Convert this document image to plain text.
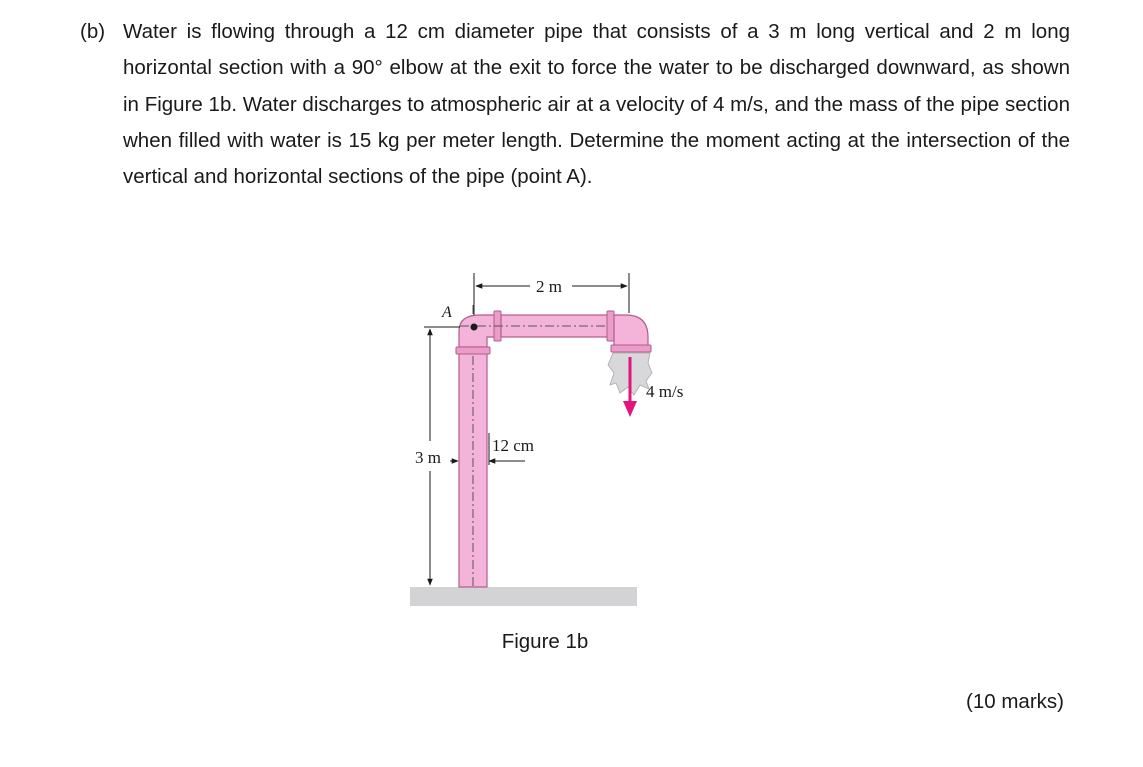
(b) Water is flowing through a 12 cm diameter pipe that consists of a 3 m long vertical and 2 m long horizontal section with a 90° elbow at the exit to force the water to be discharged downward, as shown in Figure 1b. Water discharges to atmospheric air at a velocity of 4 m/s, and the mass of the pipe section when filled with water is 15 kg per meter length. Determine the moment acting at the intersection of the vertical and horizontal sections of the pipe (point A).
A
2 m
3 m
12 cm
4 m/s
Figure 1b
(10 marks)
